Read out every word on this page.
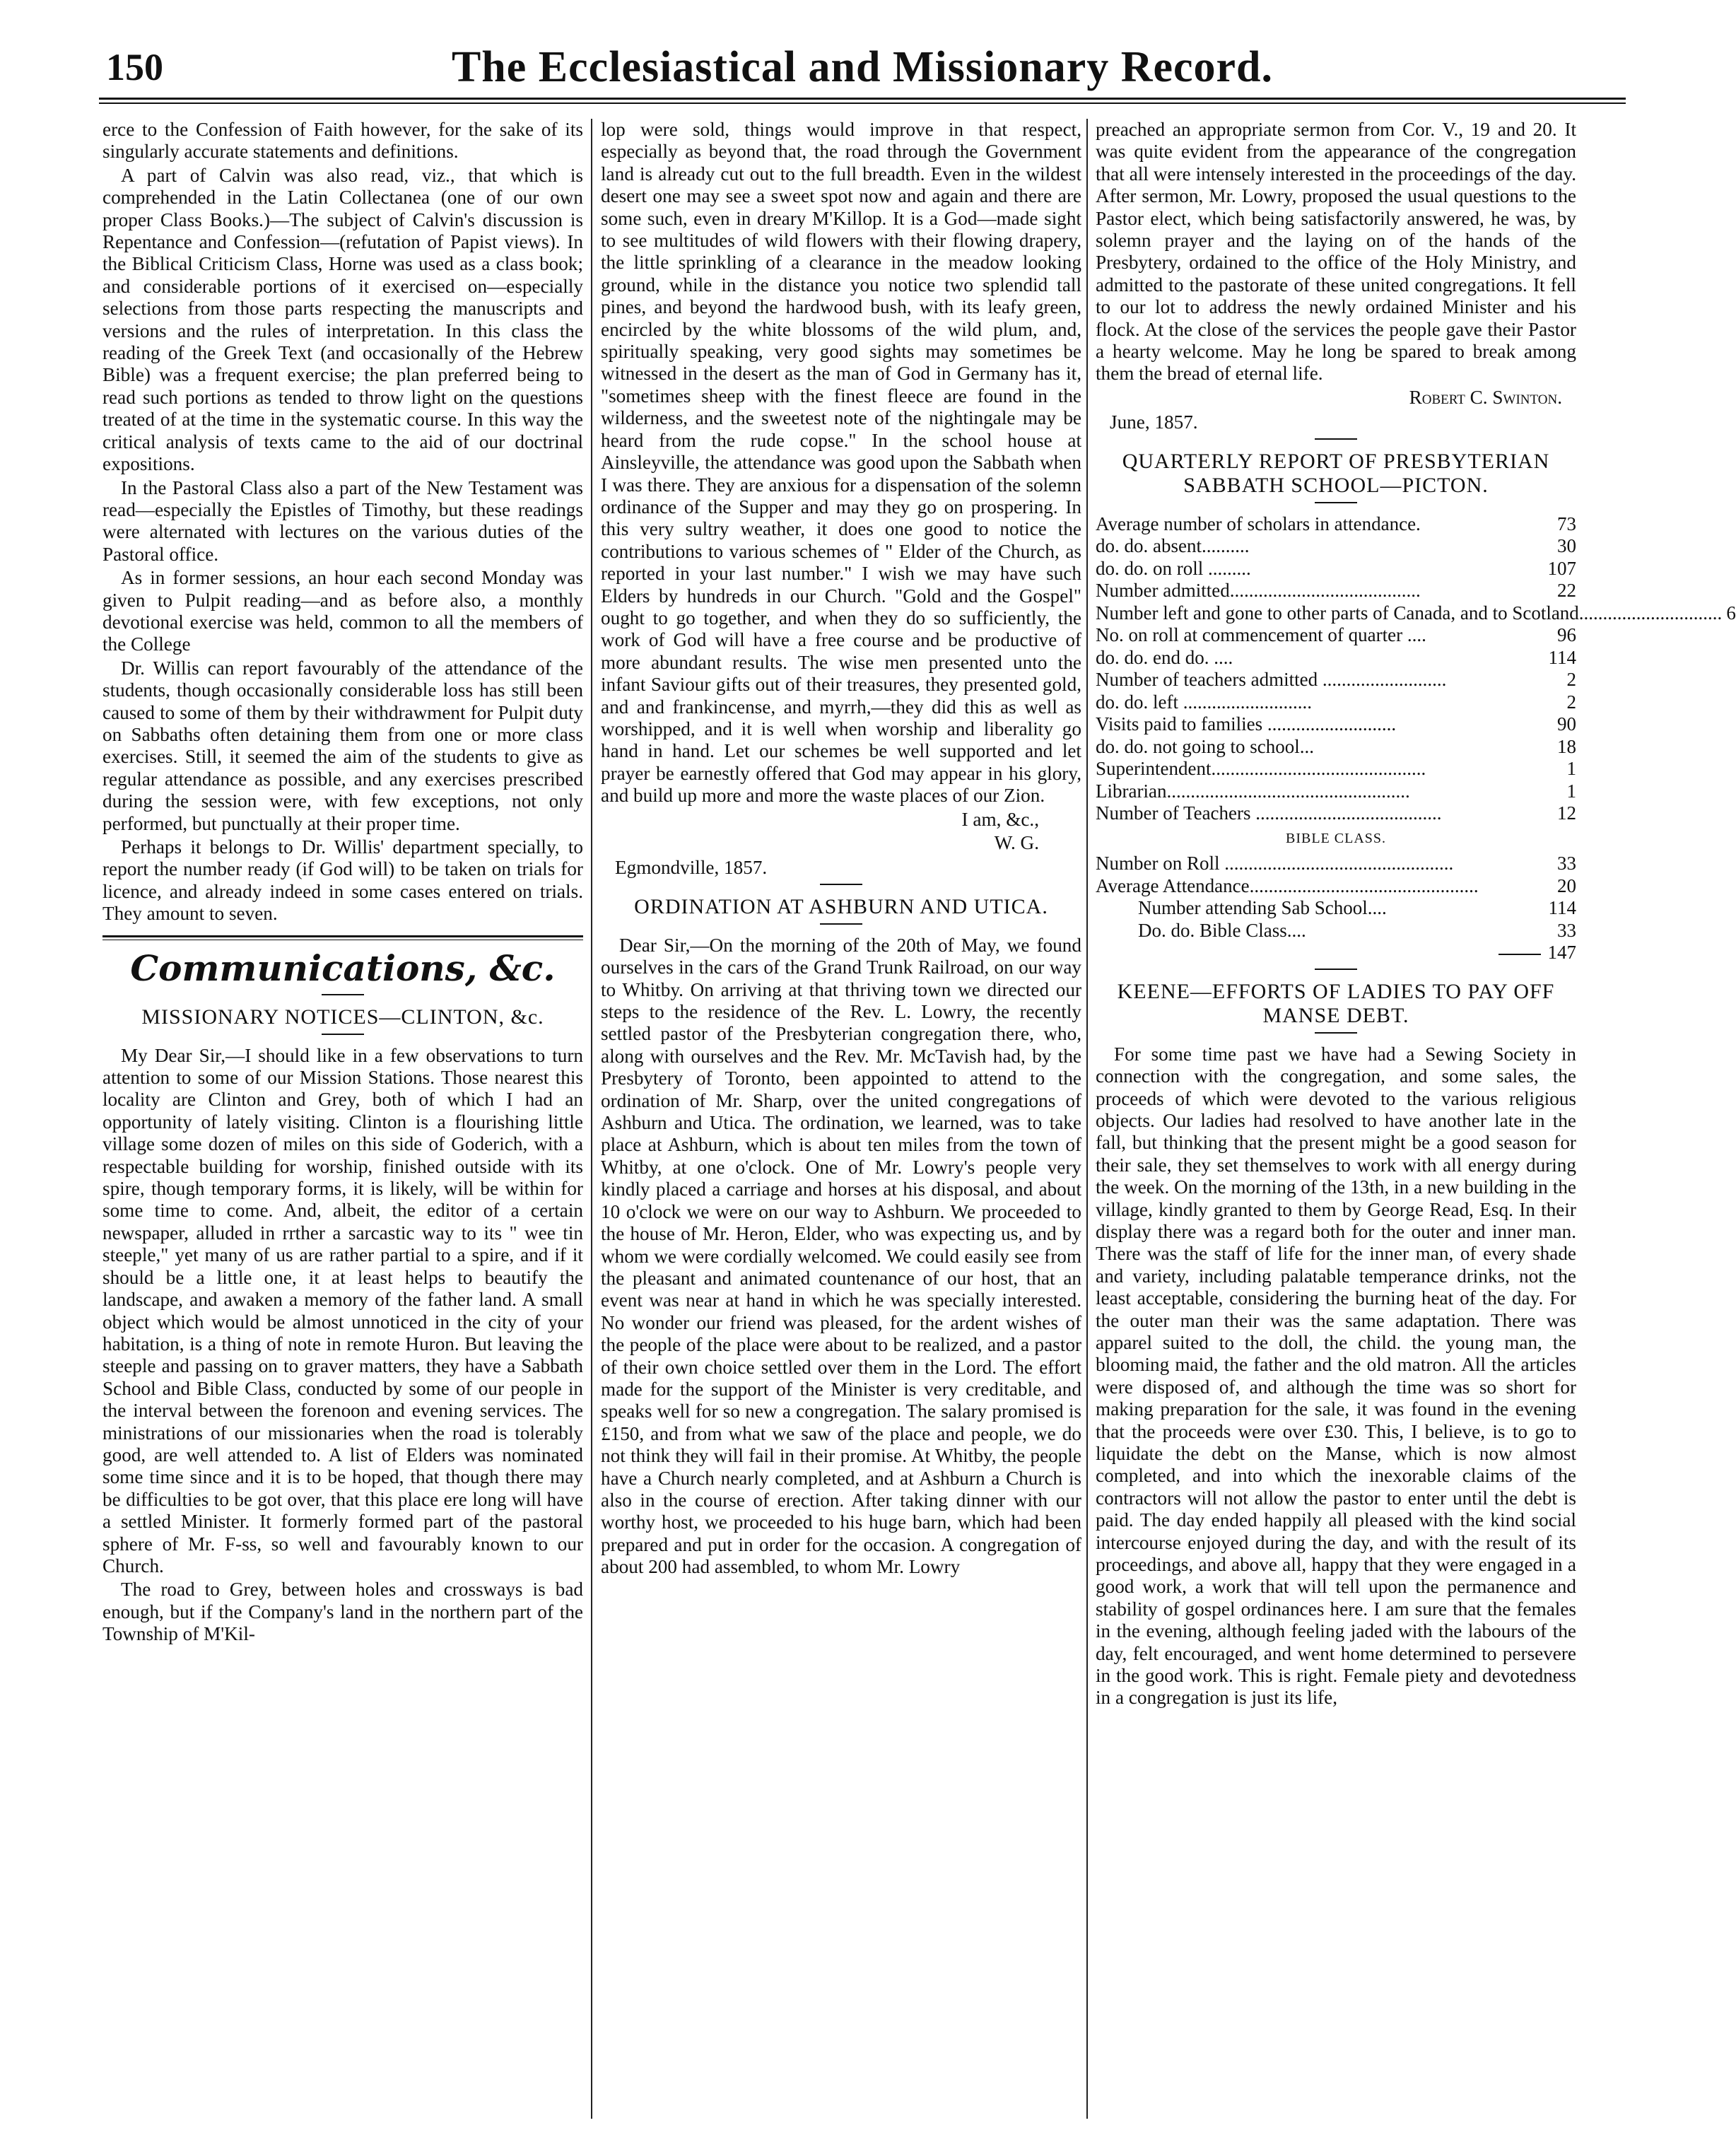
150	The Ecclesiastical and Missionary Record.

erce to the Confession of Faith however, for the sake of its singularly accurate statements and definitions.

A part of Calvin was also read, viz., that which is comprehended in the Latin Collectanea (one of our own proper Class Books.)—The subject of Calvin's discussion is Repentance and Confession—(refutation of Papist views). In the Biblical Criticism Class, Horne was used as a class book; and considerable portions of it exercised on—especially selections from those parts respecting the manuscripts and versions and the rules of interpretation. In this class the reading of the Greek Text (and occasionally of the Hebrew Bible) was a frequent exercise; the plan preferred being to read such portions as tended to throw light on the questions treated of at the time in the systematic course. In this way the critical analysis of texts came to the aid of our doctrinal expositions.

In the Pastoral Class also a part of the New Testament was read—especially the Epistles of Timothy, but these readings were alternated with lectures on the various duties of the Pastoral office.

As in former sessions, an hour each second Monday was given to Pulpit reading—and as before also, a monthly devotional exercise was held, common to all the members of the College

Dr. Willis can report favourably of the attendance of the students, though occasionally considerable loss has still been caused to some of them by their withdrawment for Pulpit duty on Sabbaths often detaining them from one or more class exercises. Still, it seemed the aim of the students to give as regular attendance as possible, and any exercises prescribed during the session were, with few exceptions, not only performed, but punctually at their proper time.

Perhaps it belongs to Dr. Willis' department specially, to report the number ready (if God will) to be taken on trials for licence, and already indeed in some cases entered on trials. They amount to seven.

Communications, &c.
MISSIONARY NOTICES—CLINTON, &c.

My Dear Sir,—I should like in a few observations to turn attention to some of our Mission Stations. Those nearest this locality are Clinton and Grey, both of which I had an opportunity of lately visiting. Clinton is a flourishing little village some dozen of miles on this side of Goderich, with a respectable building for worship, finished outside with its spire, though temporary forms, it is likely, will be within for some time to come. And, albeit, the editor of a certain newspaper, alluded in rrther a sarcastic way to its " wee tin steeple," yet many of us are rather partial to a spire, and if it should be a little one, it at least helps to beautify the landscape, and awaken a memory of the father land. A small object which would be almost unnoticed in the city of your habitation, is a thing of note in remote Huron. But leaving the steeple and passing on to graver matters, they have a Sabbath School and Bible Class, conducted by some of our people in the interval between the forenoon and evening services. The ministrations of our missionaries when the road is tolerably good, are well attended to. A list of Elders was nominated some time since and it is to be hoped, that though there may be difficulties to be got over, that this place ere long will have a settled Minister. It formerly formed part of the pastoral sphere of Mr. F-ss, so well and favourably known to our Church.

The road to Grey, between holes and crossways is bad enough, but if the Company's land in the northern part of the Township of M'Kil-

lop were sold, things would improve in that respect, especially as beyond that, the road through the Government land is already cut out to the full breadth. Even in the wildest desert one may see a sweet spot now and again and there are some such, even in dreary M'Killop. It is a God—made sight to see multitudes of wild flowers with their flowing drapery, the little sprinkling of a clearance in the meadow looking ground, while in the distance you notice two splendid tall pines, and beyond the hardwood bush, with its leafy green, encircled by the white blossoms of the wild plum, and, spiritually speaking, very good sights may sometimes be witnessed in the desert as the man of God in Germany has it, "sometimes sheep with the finest fleece are found in the wilderness, and the sweetest note of the nightingale may be heard from the rude copse." In the school house at Ainsleyville, the attendance was good upon the Sabbath when I was there. They are anxious for a dispensation of the solemn ordinance of the Supper and may they go on prospering. In this very sultry weather, it does one good to notice the contributions to various schemes of " Elder of the Church, as reported in your last number." I wish we may have such Elders by hundreds in our Church. "Gold and the Gospel" ought to go together, and when they do so sufficiently, the work of God will have a free course and be productive of more abundant results. The wise men presented unto the infant Saviour gifts out of their treasures, they presented gold, and and frankincense, and myrrh,—they did this as well as worshipped, and it is well when worship and liberality go hand in hand. Let our schemes be well supported and let prayer be earnestly offered that God may appear in his glory, and build up more and more the waste places of our Zion.

I am, &c.,

W. G.

Egmondville, 1857.

ORDINATION AT ASHBURN AND UTICA.

Dear Sir,—On the morning of the 20th of May, we found ourselves in the cars of the Grand Trunk Railroad, on our way to Whitby. On arriving at that thriving town we directed our steps to the residence of the Rev. L. Lowry, the recently settled pastor of the Presbyterian congregation there, who, along with ourselves and the Rev. Mr. McTavish had, by the Presbytery of Toronto, been appointed to attend to the ordination of Mr. Sharp, over the united congregations of Ashburn and Utica. The ordination, we learned, was to take place at Ashburn, which is about ten miles from the town of Whitby, at one o'clock. One of Mr. Lowry's people very kindly placed a carriage and horses at his disposal, and about 10 o'clock we were on our way to Ashburn. We proceeded to the house of Mr. Heron, Elder, who was expecting us, and by whom we were cordially welcomed. We could easily see from the pleasant and animated countenance of our host, that an event was near at hand in which he was specially interested. No wonder our friend was pleased, for the ardent wishes of the people of the place were about to be realized, and a pastor of their own choice settled over them in the Lord. The effort made for the support of the Minister is very creditable, and speaks well for so new a congregation. The salary promised is £150, and from what we saw of the place and people, we do not think they will fail in their promise. At Whitby, the people have a Church nearly completed, and at Ashburn a Church is also in the course of erection. After taking dinner with our worthy host, we proceeded to his huge barn, which had been prepared and put in order for the occasion. A congregation of about 200 had assembled, to whom Mr. Lowry

preached an appropriate sermon from Cor. V., 19 and 20. It was quite evident from the appearance of the congregation that all were intensely interested in the proceedings of the day. After sermon, Mr. Lowry, proposed the usual questions to the Pastor elect, which being satisfactorily answered, he was, by solemn prayer and the laying on of the hands of the Presbytery, ordained to the office of the Holy Ministry, and admitted to the pastorate of these united congregations. It fell to our lot to address the newly ordained Minister and his flock. At the close of the services the people gave their Pastor a hearty welcome. May he long be spared to break among them the bread of eternal life.

Robert C. Swinton.

June, 1857.

QUARTERLY REPORT OF PRESBYTERIAN SABBATH SCHOOL—PICTON.
Average number of scholars in attendance.	73
do. do. absent..........	30
do. do. on roll .........	107
Number admitted........................................	22
Number left and gone to other parts of Canada, and to Scotland.............................. 6
No. on roll at commencement of quarter ....	96
do. do. end do. ....	114
Number of teachers admitted ..........................	2
do. do. left ...........................	2
Visits paid to families ...........................	90
do. do. not going to school...	18
Superintendent.............................................	1
Librarian...................................................	1
Number of Teachers .......................................	12
BIBLE CLASS.
Number on Roll ................................................	33
Average Attendance................................................	20
Number attending Sab School....	114
Do. do. Bible Class....	33
147
KEENE—EFFORTS OF LADIES TO PAY OFF MANSE DEBT.

For some time past we have had a Sewing Society in connection with the congregation, and some sales, the proceeds of which were devoted to the various religious objects. Our ladies had resolved to have another late in the fall, but thinking that the present might be a good season for their sale, they set themselves to work with all energy during the week. On the morning of the 13th, in a new building in the village, kindly granted to them by George Read, Esq. In their display there was a regard both for the outer and inner man. There was the staff of life for the inner man, of every shade and variety, including palatable temperance drinks, not the least acceptable, considering the burning heat of the day. For the outer man their was the same adaptation. There was apparel suited to the doll, the child. the young man, the blooming maid, the father and the old matron. All the articles were disposed of, and although the time was so short for making preparation for the sale, it was found in the evening that the proceeds were over £30. This, I believe, is to go to liquidate the debt on the Manse, which is now almost completed, and into which the inexorable claims of the contractors will not allow the pastor to enter until the debt is paid. The day ended happily all pleased with the kind social intercourse enjoyed during the day, and with the result of its proceedings, and above all, happy that they were engaged in a good work, a work that will tell upon the permanence and stability of gospel ordinances here. I am sure that the females in the evening, although feeling jaded with the labours of the day, felt encouraged, and went home determined to persevere in the good work. This is right. Female piety and devotedness in a congregation is just its life,
